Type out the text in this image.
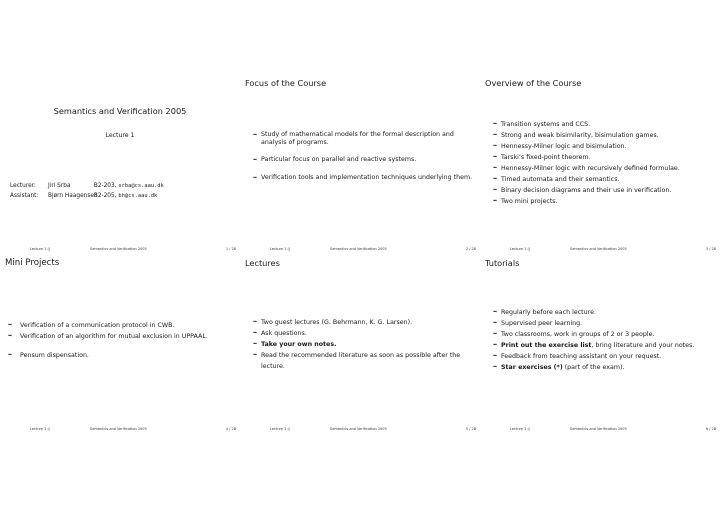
Semantics and Verification 2005
Lecture 1
Lecturer: Jiri Srba	B2-203, srba@cs.aau.dk
Assistant: Bjørn Haagensen B2-205, bh@cs.aau.dk
Lecture 1 ()	Semantics and Verification 2005	1 / 28
Focus of the Course
➥ Study of mathematical models for the formal description and analysis of programs.
➥ Particular focus on parallel and reactive systems.
➥ Verification tools and implementation techniques underlying them.
Lecture 1 ()	Semantics and Verification 2005	2 / 28
Overview of the Course
➥ Transition systems and CCS.
➥ Strong and weak bisimilarity, bisimulation games.
➥ Hennessy-Milner logic and bisimulation.
➥ Tarski’s fixed-point theorem.
➥ Hennessy-Milner logic with recursively defined formulae.
➥ Timed automata and their semantics.
➥ Binary decision diagrams and their use in verification.
➥ Two mini projects.
Lecture 1 ()	Semantics and Verification 2005	3 / 28
Mini Projects
➥ Verification of a communication protocol in CWB.
➥ Verification of an algorithm for mutual exclusion in UPPAAL.
➥ Pensum dispensation.
Lecture 1 ()	Semantics and Verification 2005	4 / 28
Lectures
➥ Two guest lectures (G. Behrmann, K. G. Larsen).
➥ Ask questions.
➥ Take your own notes.
➥ Read the recommended literature as soon as possible after the lecture.
Lecture 1 ()	Semantics and Verification 2005	5 / 28
Tutorials
➥ Regularly before each lecture.
➥ Supervised peer learning.
➥ Two classrooms, work in groups of 2 or 3 people.
➥ Print out the exercise list, bring literature and your notes.
➥ Feedback from teaching assistant on your request.
➥ Star exercises (*) (part of the exam).
Lecture 1 ()	Semantics and Verification 2005	6 / 28
